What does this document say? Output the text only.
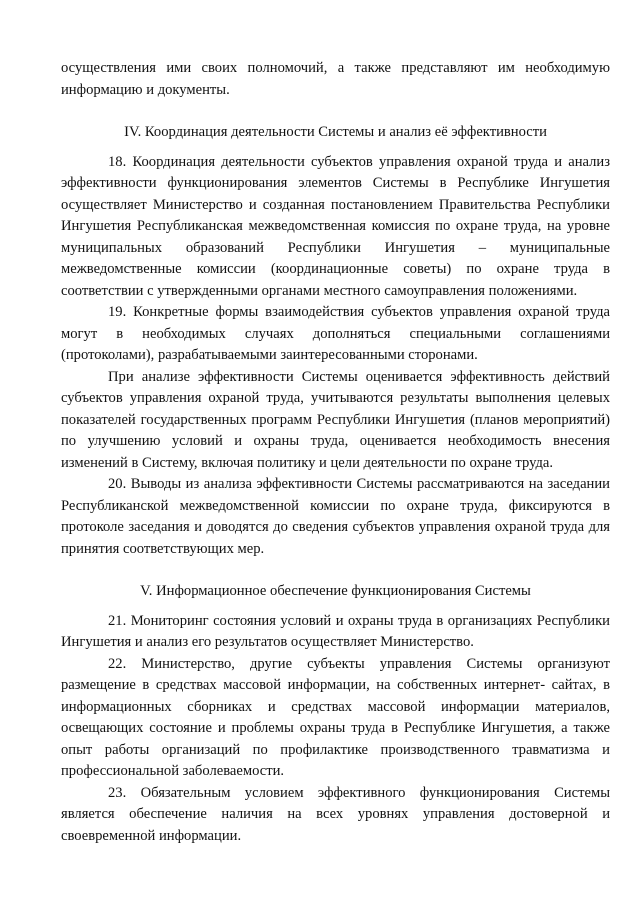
осуществления ими своих полномочий, а также представляют им необходимую информацию и документы.

IV. Координация деятельности Системы и анализ её эффективности

18. Координация деятельности субъектов управления охраной труда и анализ эффективности функционирования элементов Системы в Республике Ингушетия осуществляет Министерство и созданная постановлением Правительства Республики Ингушетия Республиканская межведомственная комиссия по охране труда, на уровне муниципальных образований Республики Ингушетия – муниципальные межведомственные комиссии (координационные советы) по охране труда в соответствии с утвержденными органами местного самоуправления положениями.

19. Конкретные формы взаимодействия субъектов управления охраной труда могут в необходимых случаях дополняться специальными соглашениями (протоколами), разрабатываемыми заинтересованными сторонами.

При анализе эффективности Системы оценивается эффективность действий субъектов управления охраной труда, учитываются результаты выполнения целевых показателей государственных программ Республики Ингушетия (планов мероприятий) по улучшению условий и охраны труда, оценивается необходимость внесения изменений в Систему, включая политику и цели деятельности по охране труда.

20. Выводы из анализа эффективности Системы рассматриваются на заседании Республиканской межведомственной комиссии по охране труда, фиксируются в протоколе заседания и доводятся до сведения субъектов управления охраной труда для принятия соответствующих мер.

V. Информационное обеспечение функционирования Системы

21. Мониторинг состояния условий и охраны труда в организациях Республики Ингушетия и анализ его результатов осуществляет Министерство.

22. Министерство, другие субъекты управления Системы организуют размещение в средствах массовой информации, на собственных интернет- сайтах, в информационных сборниках и средствах массовой информации материалов, освещающих состояние и проблемы охраны труда в Республике Ингушетия, а также опыт работы организаций по профилактике производственного травматизма и профессиональной заболеваемости.

23. Обязательным условием эффективного функционирования Системы является обеспечение наличия на всех уровнях управления достоверной и своевременной информации.
